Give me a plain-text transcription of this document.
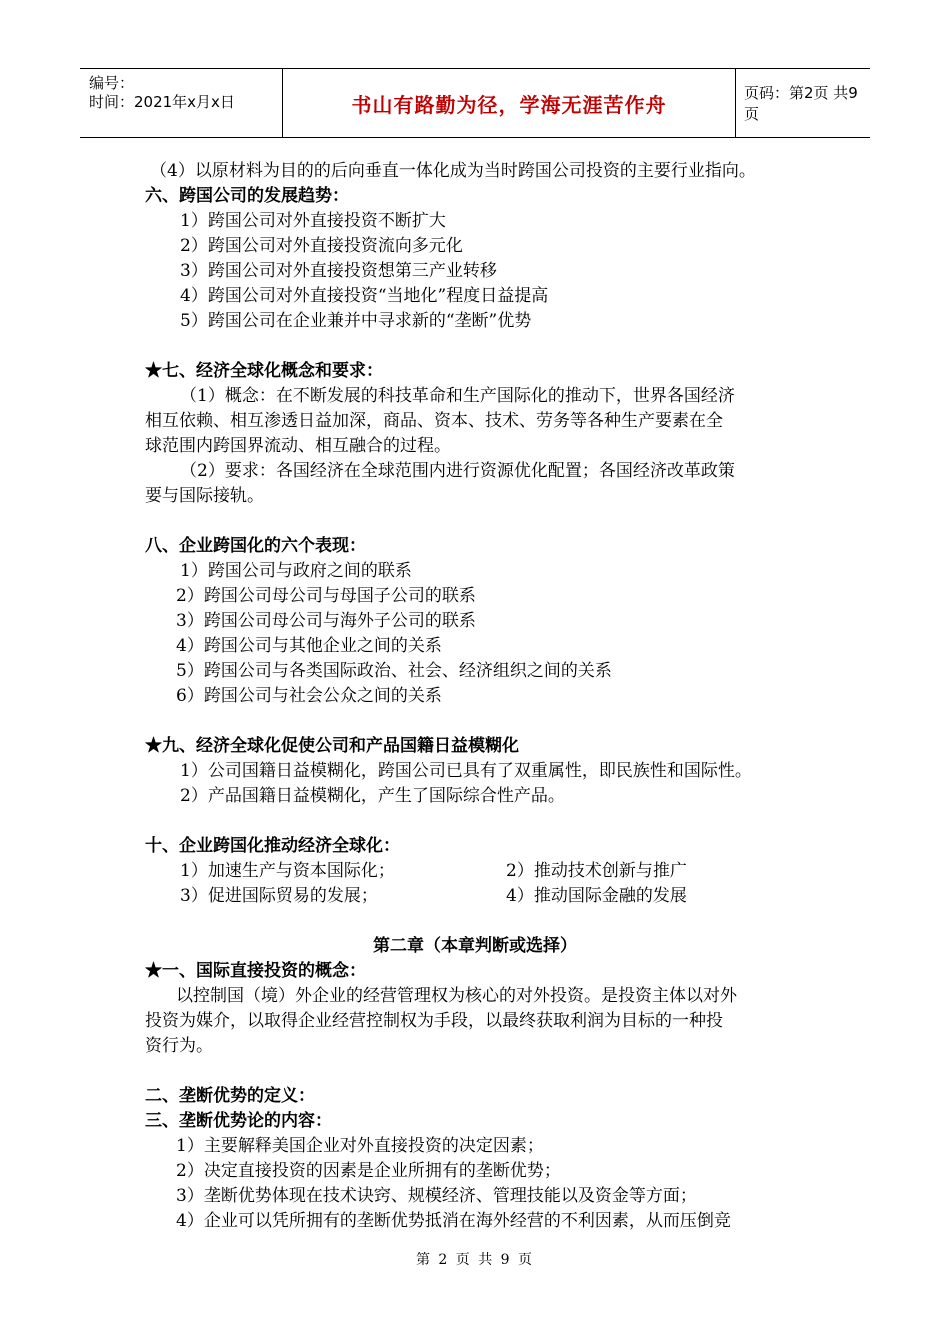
编号：
时间：2021年x月x日	书山有路勤为径，学海无涯苦作舟	页码：第2页 共9页
（4）以原材料为目的的后向垂直一体化成为当时跨国公司投资的主要行业指向。
六、跨国公司的发展趋势：
1）跨国公司对外直接投资不断扩大
2）跨国公司对外直接投资流向多元化
3）跨国公司对外直接投资想第三产业转移
4）跨国公司对外直接投资“当地化”程度日益提高
5）跨国公司在企业兼并中寻求新的“垄断”优势
★七、经济全球化概念和要求：
（1）概念：在不断发展的科技革命和生产国际化的推动下，世界各国经济
相互依赖、相互渗透日益加深，商品、资本、技术、劳务等各种生产要素在全
球范围内跨国界流动、相互融合的过程。
（2）要求：各国经济在全球范围内进行资源优化配置；各国经济改革政策
要与国际接轨。
八、企业跨国化的六个表现：
1）跨国公司与政府之间的联系
2）跨国公司母公司与母国子公司的联系
3）跨国公司母公司与海外子公司的联系
4）跨国公司与其他企业之间的关系
5）跨国公司与各类国际政治、社会、经济组织之间的关系
6）跨国公司与社会公众之间的关系
★九、经济全球化促使公司和产品国籍日益模糊化
1）公司国籍日益模糊化，跨国公司已具有了双重属性，即民族性和国际性。
2）产品国籍日益模糊化，产生了国际综合性产品。
十、企业跨国化推动经济全球化：
1）加速生产与资本国际化；	2）推动技术创新与推广
3）促进国际贸易的发展；	4）推动国际金融的发展
第二章（本章判断或选择）
★一、国际直接投资的概念：
以控制国（境）外企业的经营管理权为核心的对外投资。是投资主体以对外
投资为媒介，以取得企业经营控制权为手段，以最终获取利润为目标的一种投
资行为。
二、垄断优势的定义：
三、垄断优势论的内容：
1）主要解释美国企业对外直接投资的决定因素；
2）决定直接投资的因素是企业所拥有的垄断优势；
3）垄断优势体现在技术诀窍、规模经济、管理技能以及资金等方面；
4）企业可以凭所拥有的垄断优势抵消在海外经营的不利因素，从而压倒竞
第 2 页 共 9 页
